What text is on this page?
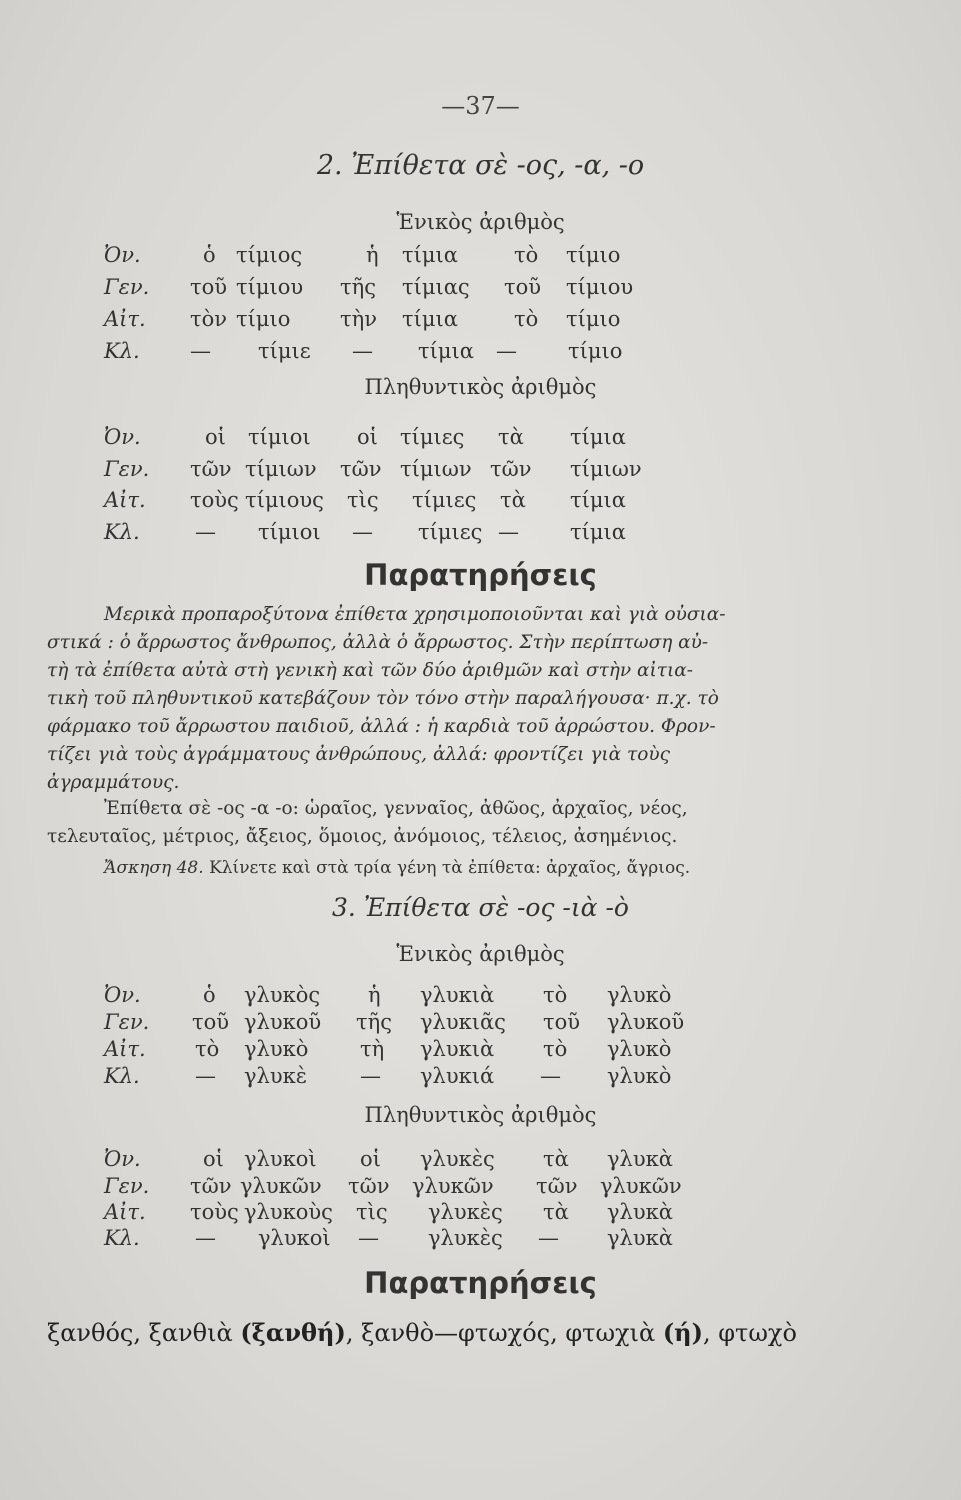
—37—
2. Ἐπίθετα σὲ -ος, -α, -ο
Ἑνικὸς ἀριθμὸς
Ὀν.	ὁ τίμιος	ἡ τίμια	τὸ τίμιο
Γεν. τοῦ τίμιου τῆς τίμιας τοῦ τίμιου
Αἰτ. τὸν τίμιο τὴν τίμια	τὸ τίμιο
Κλ. — τίμιε — τίμια — τίμιο
Πληθυντικὸς ἀριθμὸς
Ὀν.	οἱ τίμιοι οἱ τίμιες τὰ τίμια
Γεν. τῶν τίμιων τῶν τίμιων τῶν τίμιων
Αἰτ. τοὺς τίμιους τὶς τίμιες τὰ τίμια
Κλ.	— τίμιοι — τίμιες — τίμια
Παρατηρήσεις
Μερικὰ προπαροξύτονα ἐπίθετα χρησιμοποιοῦνται καὶ γιὰ οὐσια-
στικά : ὁ ἄρρωστος ἄνθρωπος, ἀλλὰ ὁ ἄρρωστος. Στὴν περίπτωση αὐ-
τὴ τὰ ἐπίθετα αὐτὰ στὴ γενικὴ καὶ τῶν δύο ἀριθμῶν καὶ στὴν αἰτια-
τικὴ τοῦ πληθυντικοῦ κατεβάζουν τὸν τόνο στὴν παραλήγουσα· π.χ. τὸ
φάρμακο τοῦ ἄρρωστου παιδιοῦ, ἀλλά : ἡ καρδιὰ τοῦ ἀρρώστου. Φρον-
τίζει γιὰ τοὺς ἀγράμματους ἀνθρώπους, ἀλλά: φροντίζει γιὰ τοὺς
ἀγραμμάτους.
Ἐπίθετα σὲ -ος -α -ο: ὡραῖος, γενναῖος, ἀθῶος, ἀρχαῖος, νέος,
τελευταῖος, μέτριος, ἄξειος, ὅμοιος, ἀνόμοιος, τέλειος, ἀσημένιος.
Ἄσκηση 48. Κλίνετε καὶ στὰ τρία γένη τὰ ἐπίθετα: ἀρχαῖος, ἄγριος.
3. Ἐπίθετα σὲ -ος -ιὰ -ὸ
Ἑνικὸς ἀριθμὸς
Ὀν.	ὁ γλυκὸς ἡ γλυκιὰ τὸ γλυκὸ
Γεν. τοῦ γλυκοῦ τῆς γλυκιᾶς τοῦ γλυκοῦ
Αἰτ. τὸ γλυκὸ τὴ γλυκιὰ τὸ γλυκὸ
Κλ.	— γλυκὲ	— γλυκιά — γλυκὸ
Πληθυντικὸς ἀριθμὸς
Ὀν.	οἱ γλυκοὶ οἱ γλυκὲς τὰ γλυκὰ
Γεν. τῶν γλυκῶν τῶν γλυκῶν τῶν γλυκῶν
Αἰτ. τοὺς γλυκοὺς τὶς γλυκὲς τὰ γλυκὰ
Κλ.	— γλυκοὶ — γλυκὲς — γλυκὰ
Παρατηρήσεις
ξανθός, ξανθιὰ (ξανθή), ξανθὸ—φτωχός, φτωχιὰ (ή), φτωχὸ
